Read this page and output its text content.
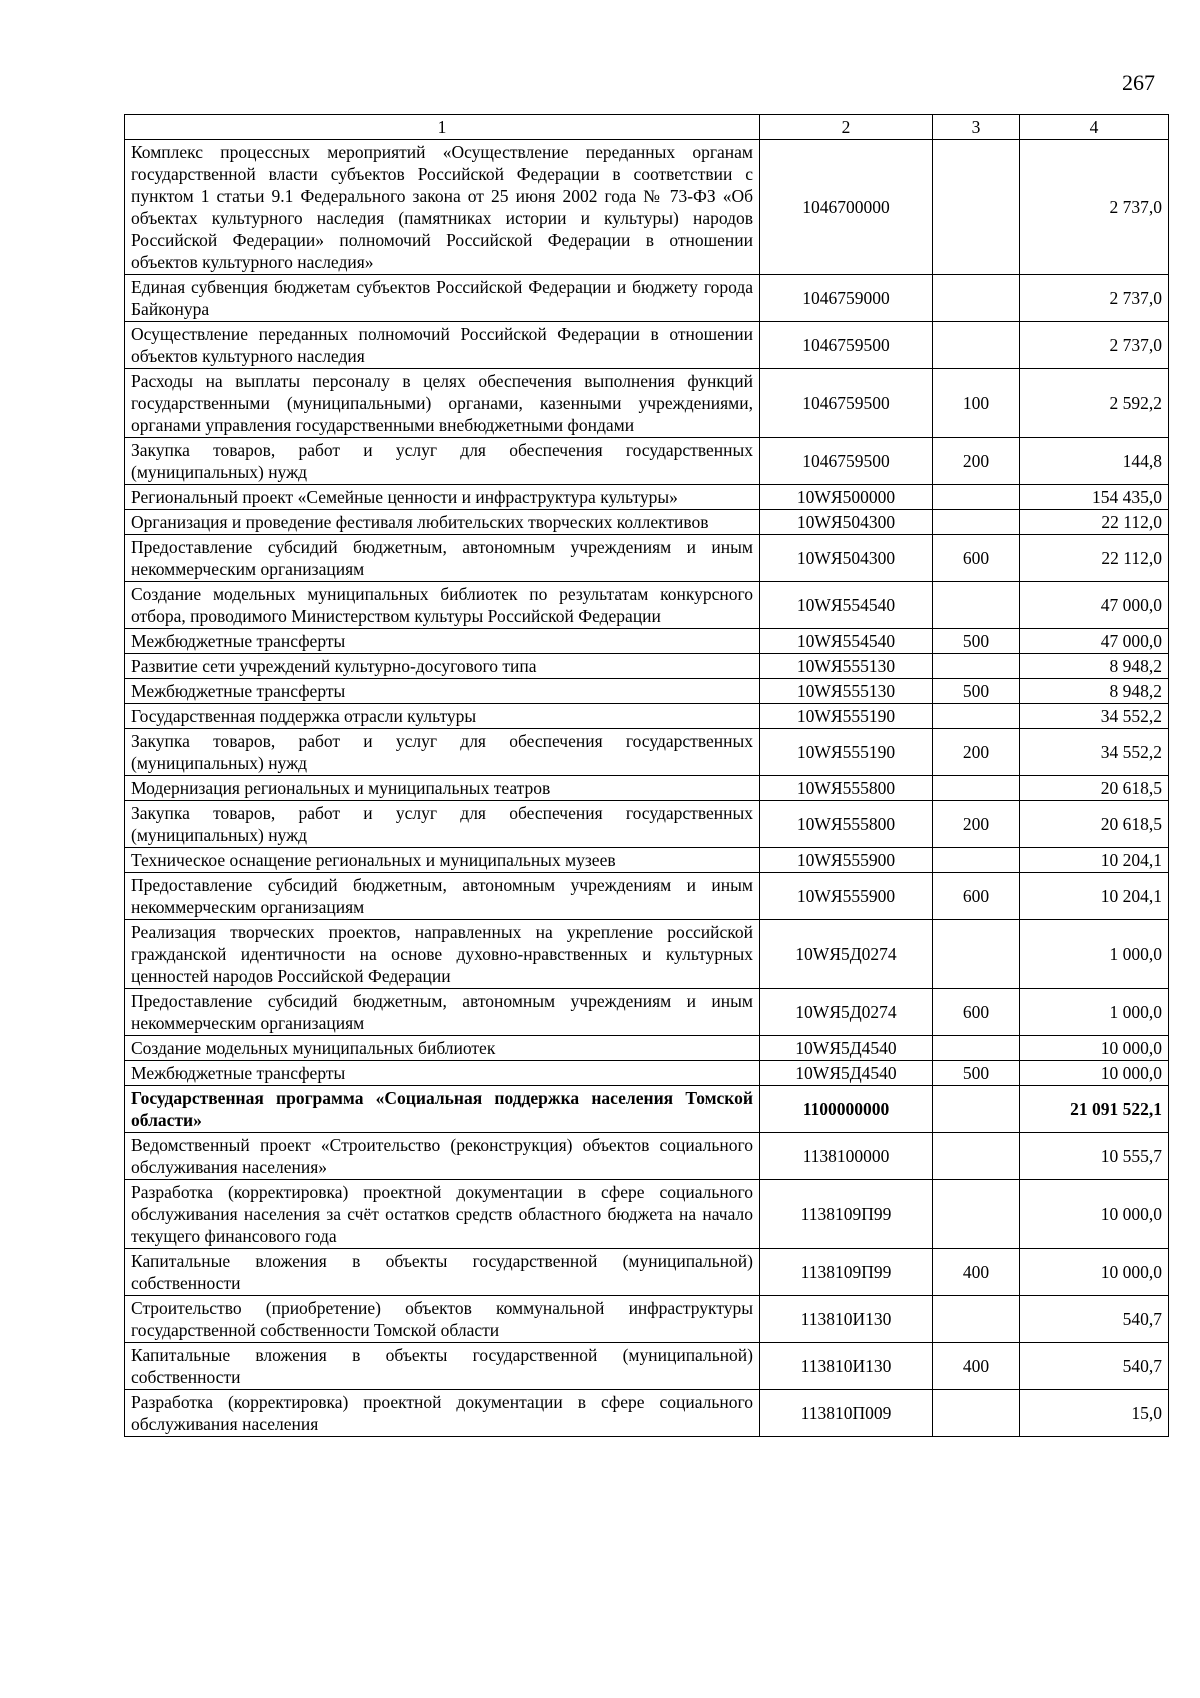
267
1	2	3	4
Комплекс процессных мероприятий «Осуществление переданных органам государственной власти субъектов Российской Федерации в соответствии с пунктом 1 статьи 9.1 Федерального закона от 25 июня 2002 года № 73-ФЗ «Об объектах культурного наследия (памятниках истории и культуры) народов Российской Федерации» полномочий Российской Федерации в отношении объектов культурного наследия»	1046700000		2 737,0
Единая субвенция бюджетам субъектов Российской Федерации и бюджету города Байконура	1046759000		2 737,0
Осуществление переданных полномочий Российской Федерации в отношении объектов культурного наследия	1046759500		2 737,0
Расходы на выплаты персоналу в целях обеспечения выполнения функций государственными (муниципальными) органами, казенными учреждениями, органами управления государственными внебюджетными фондами	1046759500	100	2 592,2
Закупка товаров, работ и услуг для обеспечения государственных (муниципальных) нужд	1046759500	200	144,8
Региональный проект «Семейные ценности и инфраструктура культуры»	10WЯ500000		154 435,0
Организация и проведение фестиваля любительских творческих коллективов	10WЯ504300		22 112,0
Предоставление субсидий бюджетным, автономным учреждениям и иным некоммерческим организациям	10WЯ504300	600	22 112,0
Создание модельных муниципальных библиотек по результатам конкурсного отбора, проводимого Министерством культуры Российской Федерации	10WЯ554540		47 000,0
Межбюджетные трансферты	10WЯ554540	500	47 000,0
Развитие сети учреждений культурно-досугового типа	10WЯ555130		8 948,2
Межбюджетные трансферты	10WЯ555130	500	8 948,2
Государственная поддержка отрасли культуры	10WЯ555190		34 552,2
Закупка товаров, работ и услуг для обеспечения государственных (муниципальных) нужд	10WЯ555190	200	34 552,2
Модернизация региональных и муниципальных театров	10WЯ555800		20 618,5
Закупка товаров, работ и услуг для обеспечения государственных (муниципальных) нужд	10WЯ555800	200	20 618,5
Техническое оснащение региональных и муниципальных музеев	10WЯ555900		10 204,1
Предоставление субсидий бюджетным, автономным учреждениям и иным некоммерческим организациям	10WЯ555900	600	10 204,1
Реализация творческих проектов, направленных на укрепление российской гражданской идентичности на основе духовно-нравственных и культурных ценностей народов Российской Федерации	10WЯ5Д0274		1 000,0
Предоставление субсидий бюджетным, автономным учреждениям и иным некоммерческим организациям	10WЯ5Д0274	600	1 000,0
Создание модельных муниципальных библиотек	10WЯ5Д4540		10 000,0
Межбюджетные трансферты	10WЯ5Д4540	500	10 000,0
Государственная программа «Социальная поддержка населения Томской области»	1100000000		21 091 522,1
Ведомственный проект «Строительство (реконструкция) объектов социального обслуживания населения»	1138100000		10 555,7
Разработка (корректировка) проектной документации в сфере социального обслуживания населения за счёт остатков средств областного бюджета на начало текущего финансового года	1138109П99		10 000,0
Капитальные вложения в объекты государственной (муниципальной) собственности	1138109П99	400	10 000,0
Строительство (приобретение) объектов коммунальной инфраструктуры государственной собственности Томской области	113810И130		540,7
Капитальные вложения в объекты государственной (муниципальной) собственности	113810И130	400	540,7
Разработка (корректировка) проектной документации в сфере социального обслуживания населения	113810П009		15,0
